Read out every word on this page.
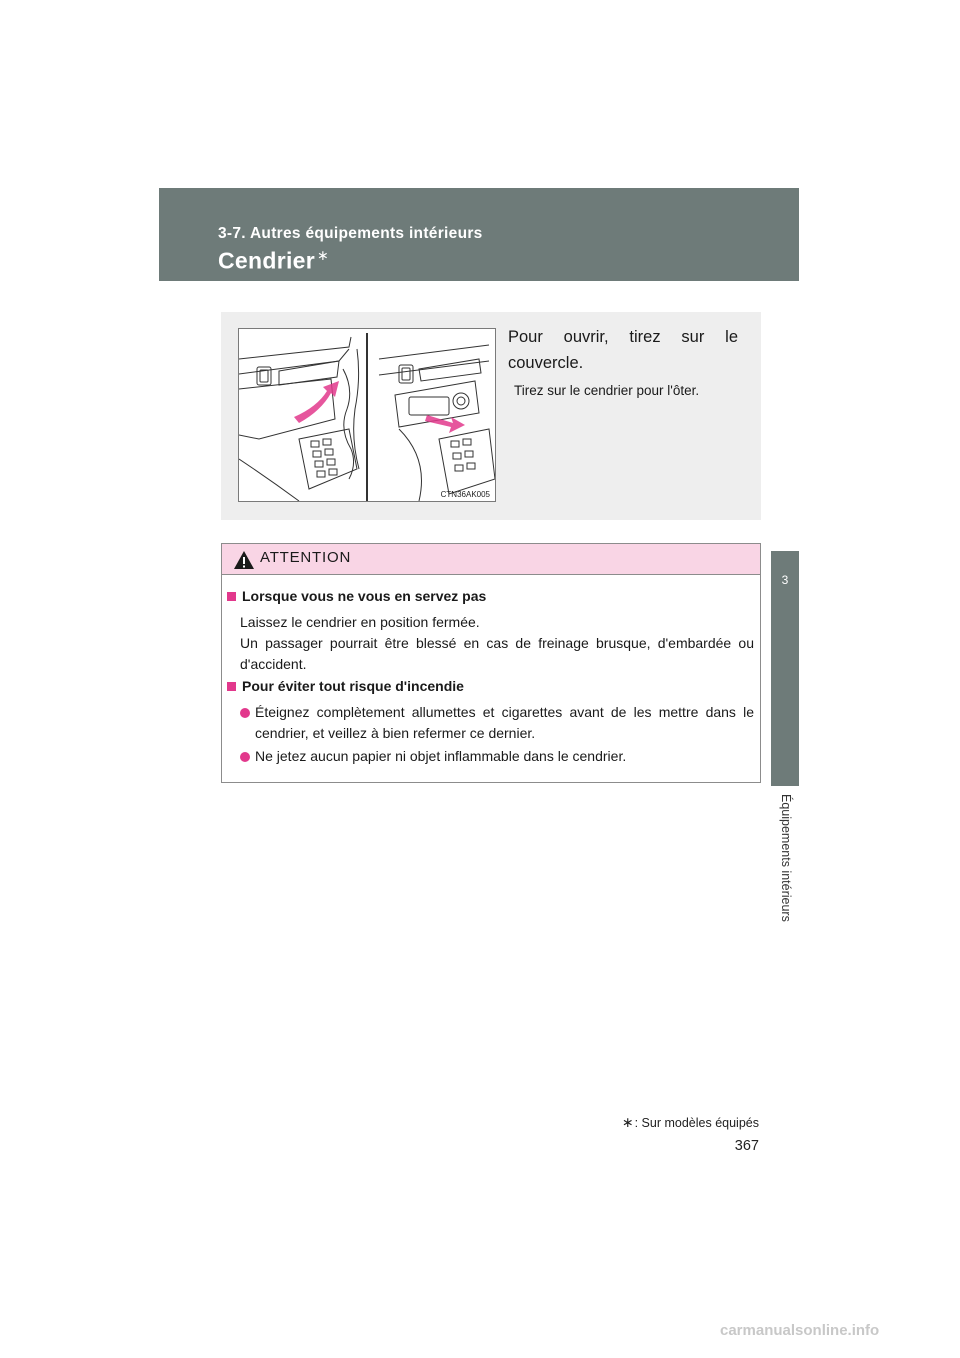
3-7. Autres équipements intérieurs
Cendrier ∗
3
Équipements intérieurs
CTN36AK005
Pour ouvrir, tirez sur le couvercle.
Tirez sur le cendrier pour l'ôter.
ATTENTION
Lorsque vous ne vous en servez pas
Laissez le cendrier en position fermée.
Un passager pourrait être blessé en cas de freinage brusque, d'embardée ou d'accident.
Pour éviter tout risque d'incendie
Éteignez complètement allumettes et cigarettes avant de les mettre dans le cendrier, et veillez à bien refermer ce dernier.
Ne jetez aucun papier ni objet inflammable dans le cendrier.
∗: Sur modèles équipés
367
carmanualsonline.info
